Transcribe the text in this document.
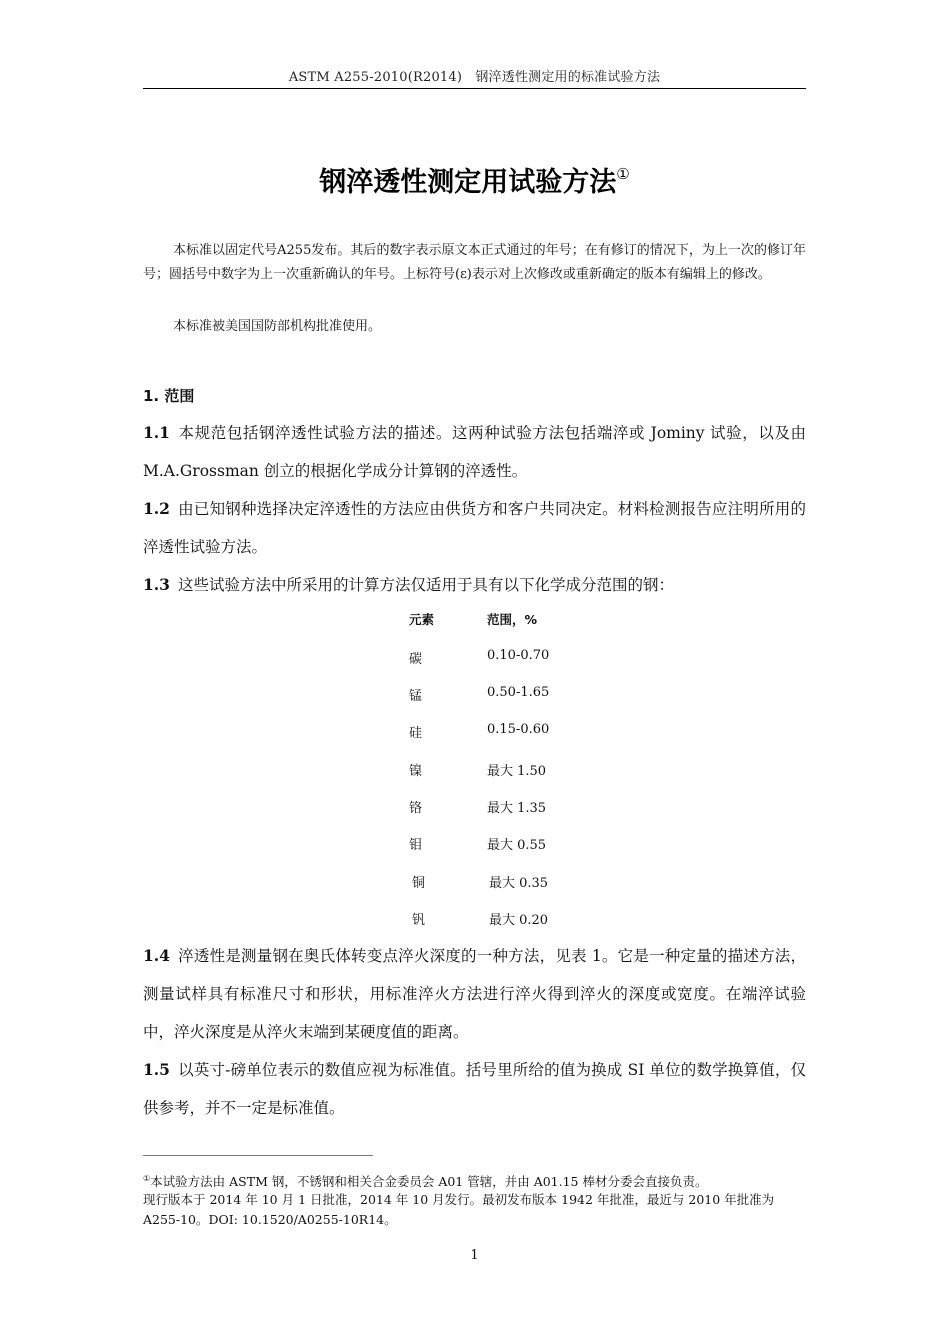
ASTM A255-2010(R2014)　钢淬透性测定用的标准试验方法
钢淬透性测定用试验方法①

本标准以固定代号A255发布。其后的数字表示原文本正式通过的年号；在有修订的情况下，为上一次的修订年号；圆括号中数字为上一次重新确认的年号。上标符号(ε)表示对上次修改或重新确定的版本有编辑上的修改。

本标准被美国国防部机构批准使用。

1. 范围

1.1 本规范包括钢淬透性试验方法的描述。这两种试验方法包括端淬或 Jominy 试验，以及由 M.A.Grossman 创立的根据化学成分计算钢的淬透性。

1.2 由已知钢种选择决定淬透性的方法应由供货方和客户共同决定。材料检测报告应注明所用的淬透性试验方法。

1.3 这些试验方法中所采用的计算方法仅适用于具有以下化学成分范围的钢：

元素	范围，%
碳	0.10-0.70
锰	0.50-1.65
硅	0.15-0.60
镍	最大 1.50
铬	最大 1.35
钼	最大 0.55
铜	最大 0.35
钒	最大 0.20

1.4 淬透性是测量钢在奥氏体转变点淬火深度的一种方法，见表 1。它是一种定量的描述方法，测量试样具有标准尺寸和形状，用标准淬火方法进行淬火得到淬火的深度或宽度。在端淬试验中，淬火深度是从淬火末端到某硬度值的距离。

1.5 以英寸-磅单位表示的数值应视为标准值。括号里所给的值为换成 SI 单位的数学换算值，仅供参考，并不一定是标准值。

①本试验方法由 ASTM 钢，不锈钢和相关合金委员会 A01 管辖，并由 A01.15 棒材分委会直接负责。

现行版本于 2014 年 10 月 1 日批准，2014 年 10 月发行。最初发布版本 1942 年批准，最近与 2010 年批准为 A255-10。DOI: 10.1520/A0255-10R14。

1
